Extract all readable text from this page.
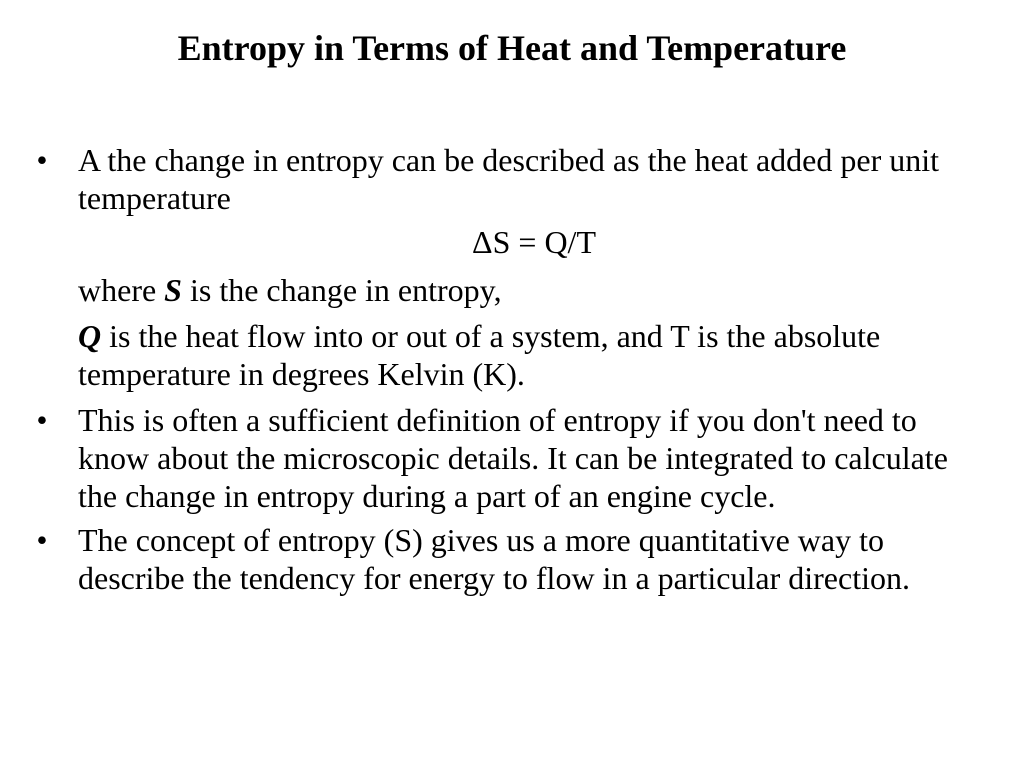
Entropy in Terms of Heat and Temperature
• A the change in entropy can be described as the heat added per unit temperature
ΔS = Q/T
where S is the change in entropy,
Q is the heat flow into or out of a system, and T is the absolute temperature in degrees Kelvin (K).
• This is often a sufficient definition of entropy if you don't need to know about the microscopic details. It can be integrated to calculate the change in entropy during a part of an engine cycle.
• The concept of entropy (S) gives us a more quantitative way to describe the tendency for energy to flow in a particular direction.
